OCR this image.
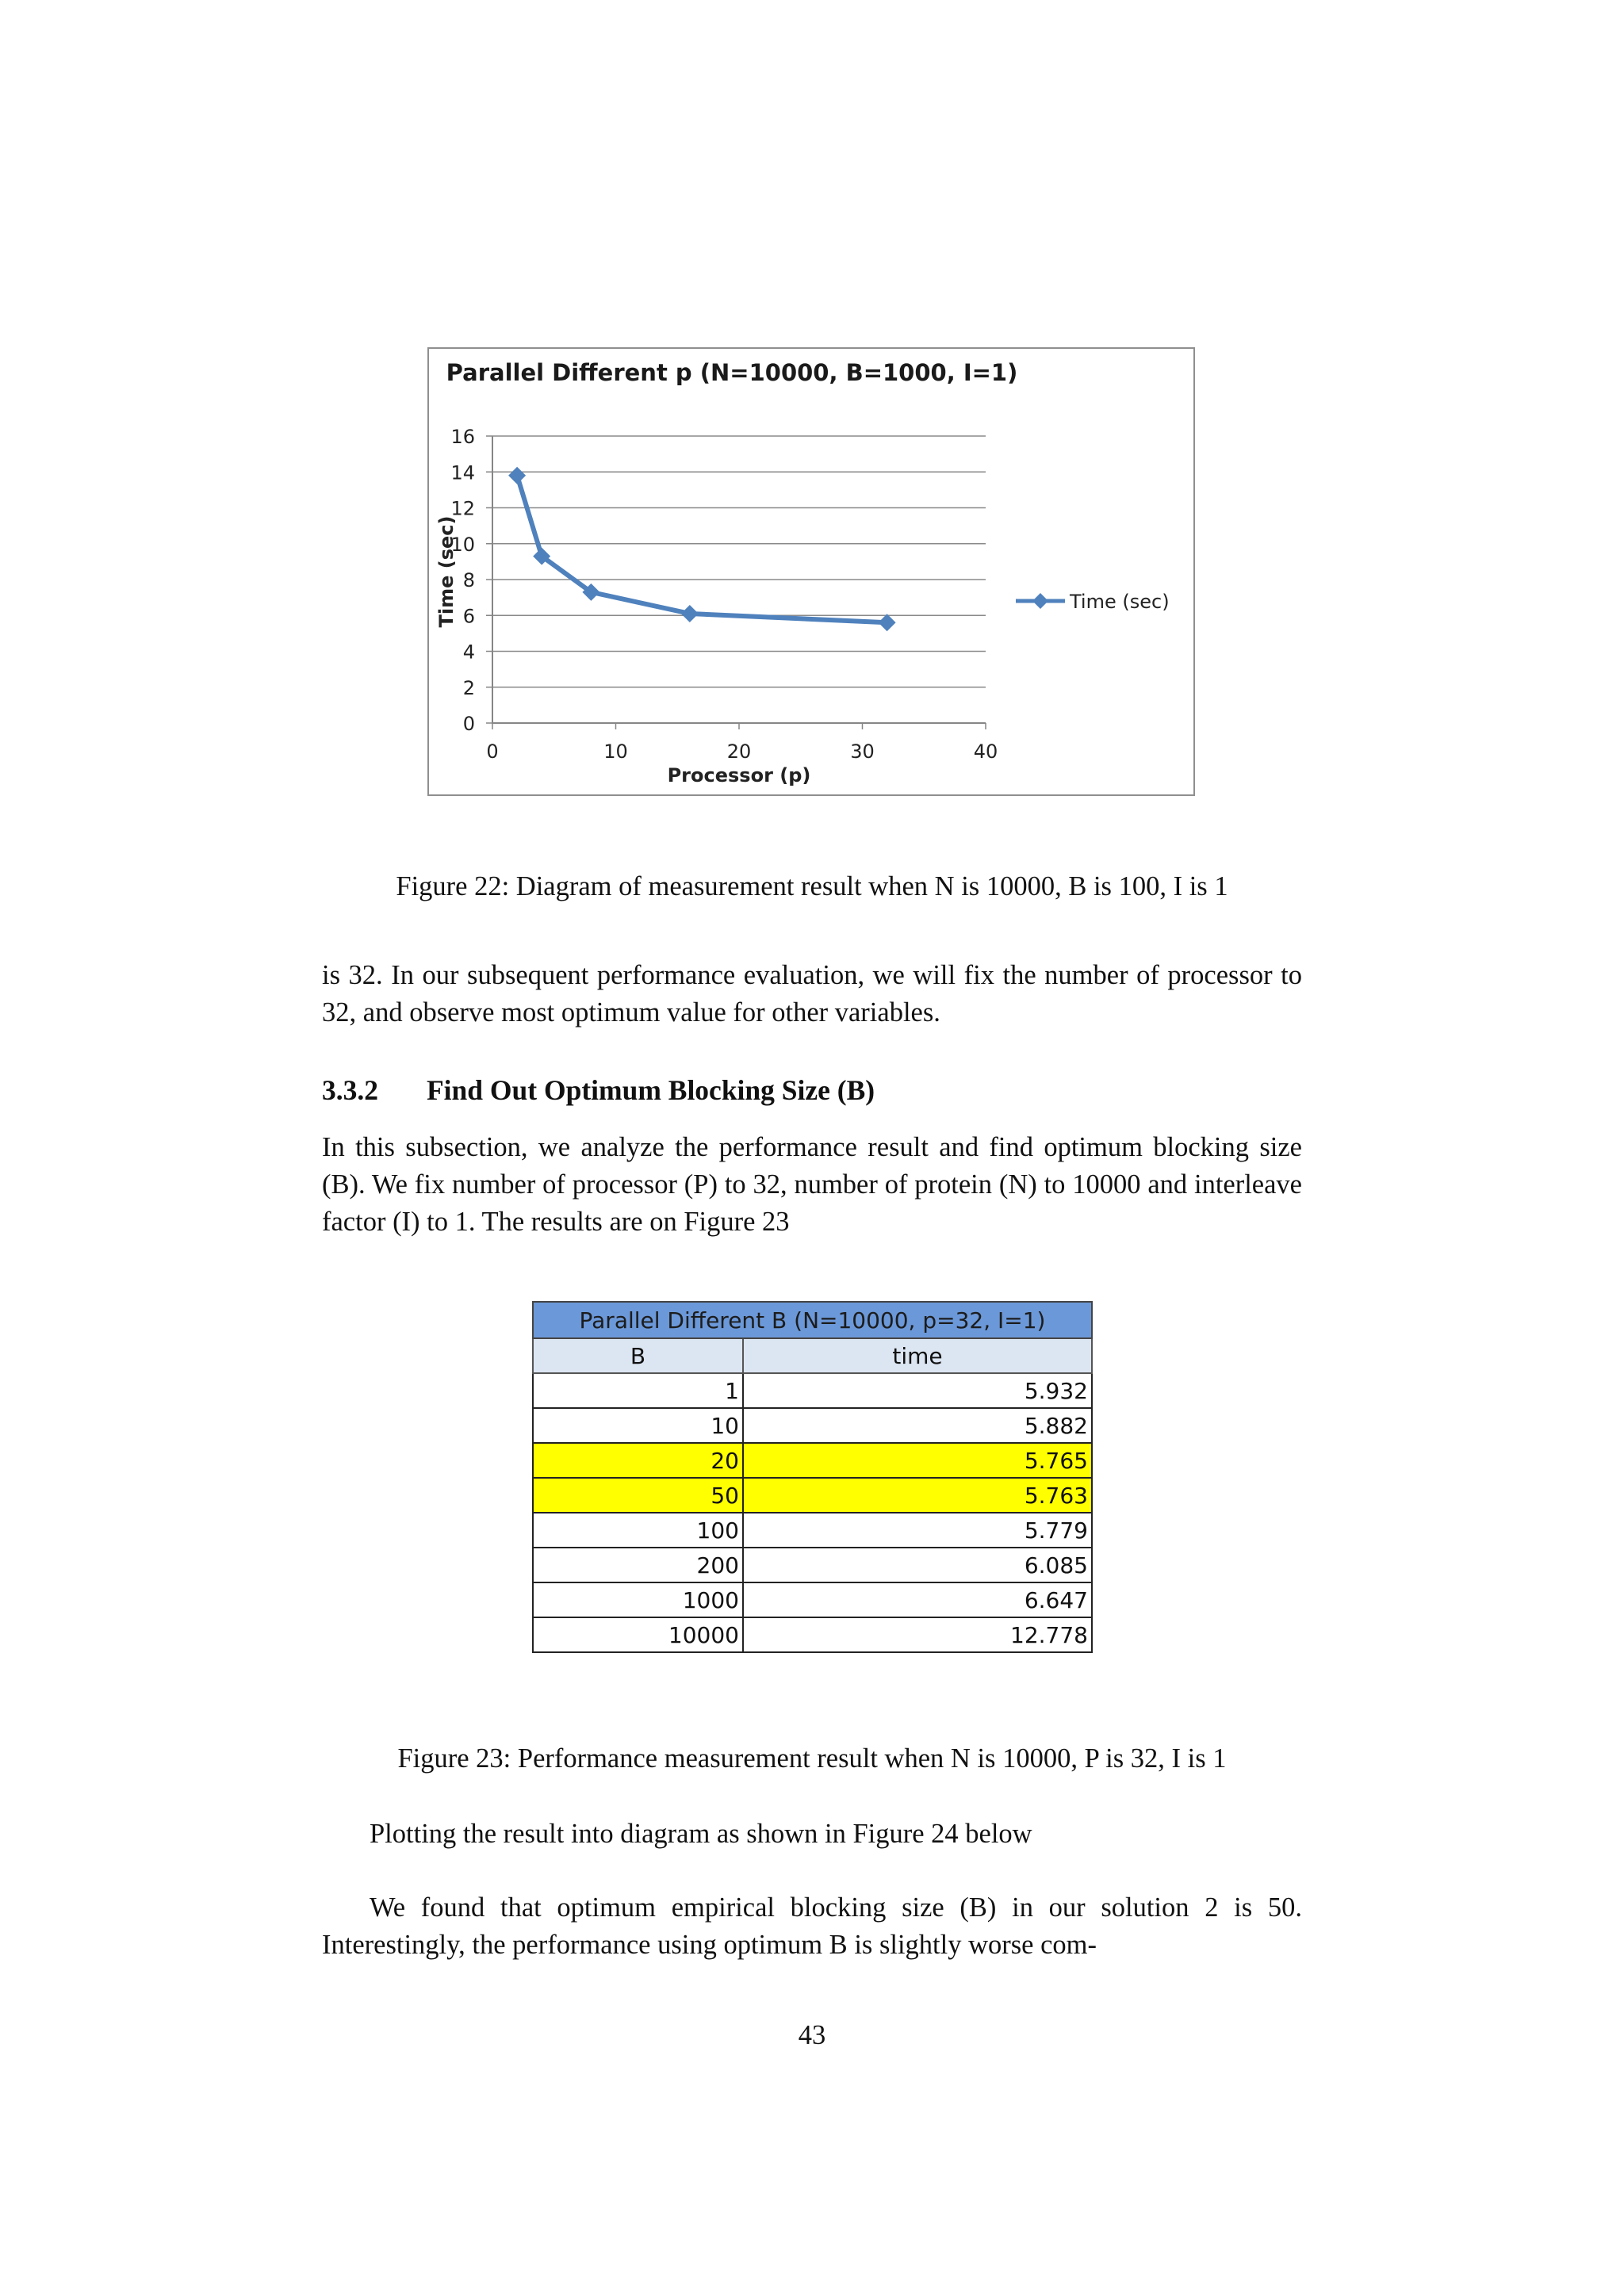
Parallel Different p (N=10000, B=1000, I=1)
0
2
4
6
8
10
12
14
16
0	10	20	30	40
Processor (p)
Time (sec)	Time (sec)

Figure 22: Diagram of measurement result when N is 10000, B is 100, I is 1

is 32. In our subsequent performance evaluation, we will fix the number of processor to 32, and observe most optimum value for other variables.

3.3.2 Find Out Optimum Blocking Size (B)

In this subsection, we analyze the performance result and find optimum blocking size (B). We fix number of processor (P) to 32, number of protein (N) to 10000 and interleave factor (I) to 1. The results are on Figure 23

Parallel Different B (N=10000, p=32, I=1)	
B	time
1	5.932
10	5.882
20	5.765
50	5.763
100	5.779
200	6.085
1000	6.647
10000	12.778

Figure 23: Performance measurement result when N is 10000, P is 32, I is 1

Plotting the result into diagram as shown in Figure 24 below

We found that optimum empirical blocking size (B) in our solution 2 is 50. Interestingly, the performance using optimum B is slightly worse com-

43
